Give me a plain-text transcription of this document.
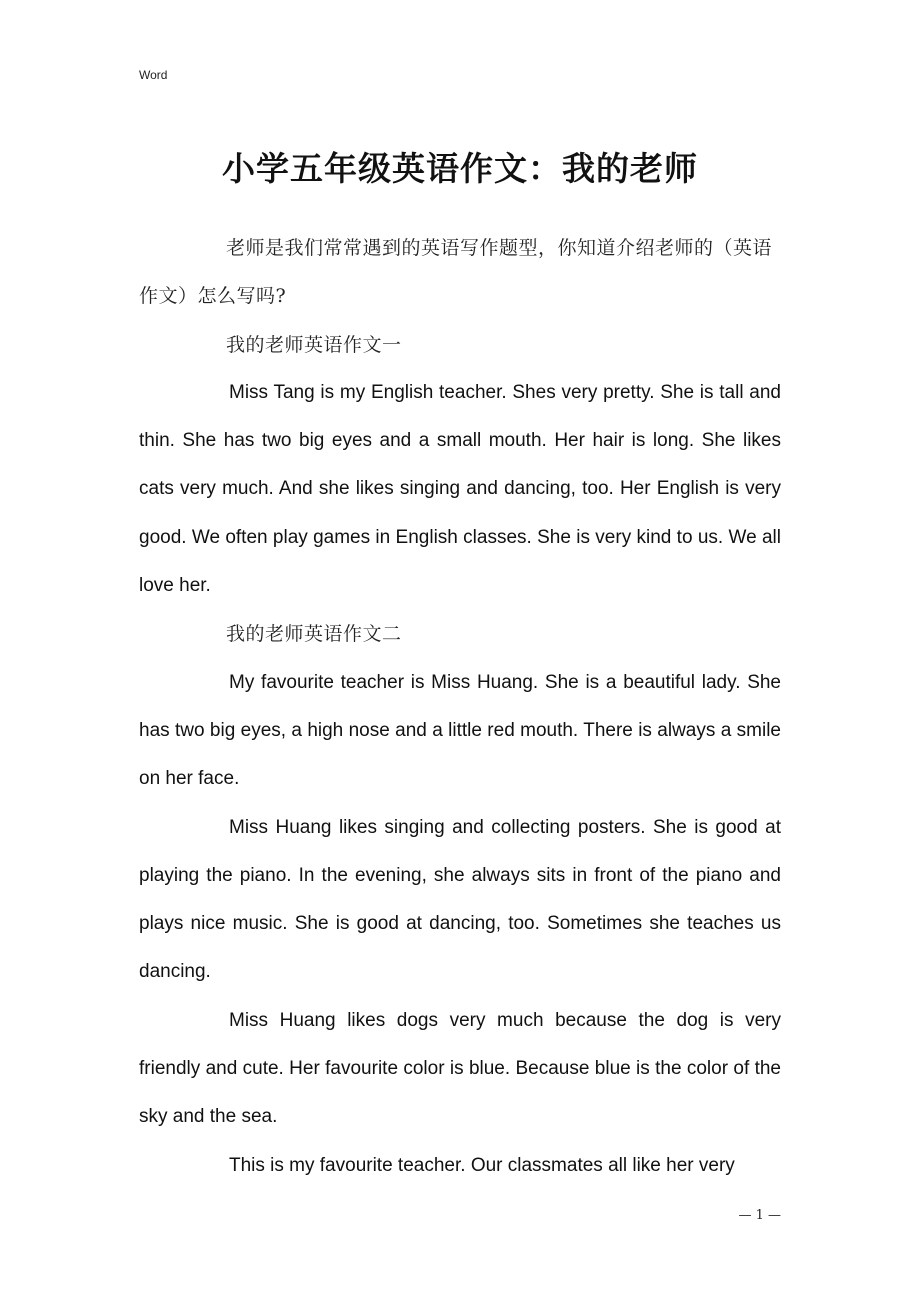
Word
小学五年级英语作文：我的老师

老师是我们常常遇到的英语写作题型，你知道介绍老师的（英语作文）怎么写吗?

我的老师英语作文一

Miss Tang is my English teacher. Shes very pretty. She is tall and thin. She has two big eyes and a small mouth. Her hair is long. She likes cats very much. And she likes singing and dancing, too. Her English is very good. We often play games in English classes. She is very kind to us. We all love her.

我的老师英语作文二

My favourite teacher is Miss Huang. She is a beautiful lady. She has two big eyes, a high nose and a little red mouth. There is always a smile on her face.

Miss Huang likes singing and collecting posters. She is good at playing the piano. In the evening, she always sits in front of the piano and plays nice music. She is good at dancing, too. Sometimes she teaches us dancing.

Miss Huang likes dogs very much because the dog is very friendly and cute. Her favourite color is blue. Because blue is the color of the sky and the sea.

This is my favourite teacher. Our classmates all like her very

— 1 —
